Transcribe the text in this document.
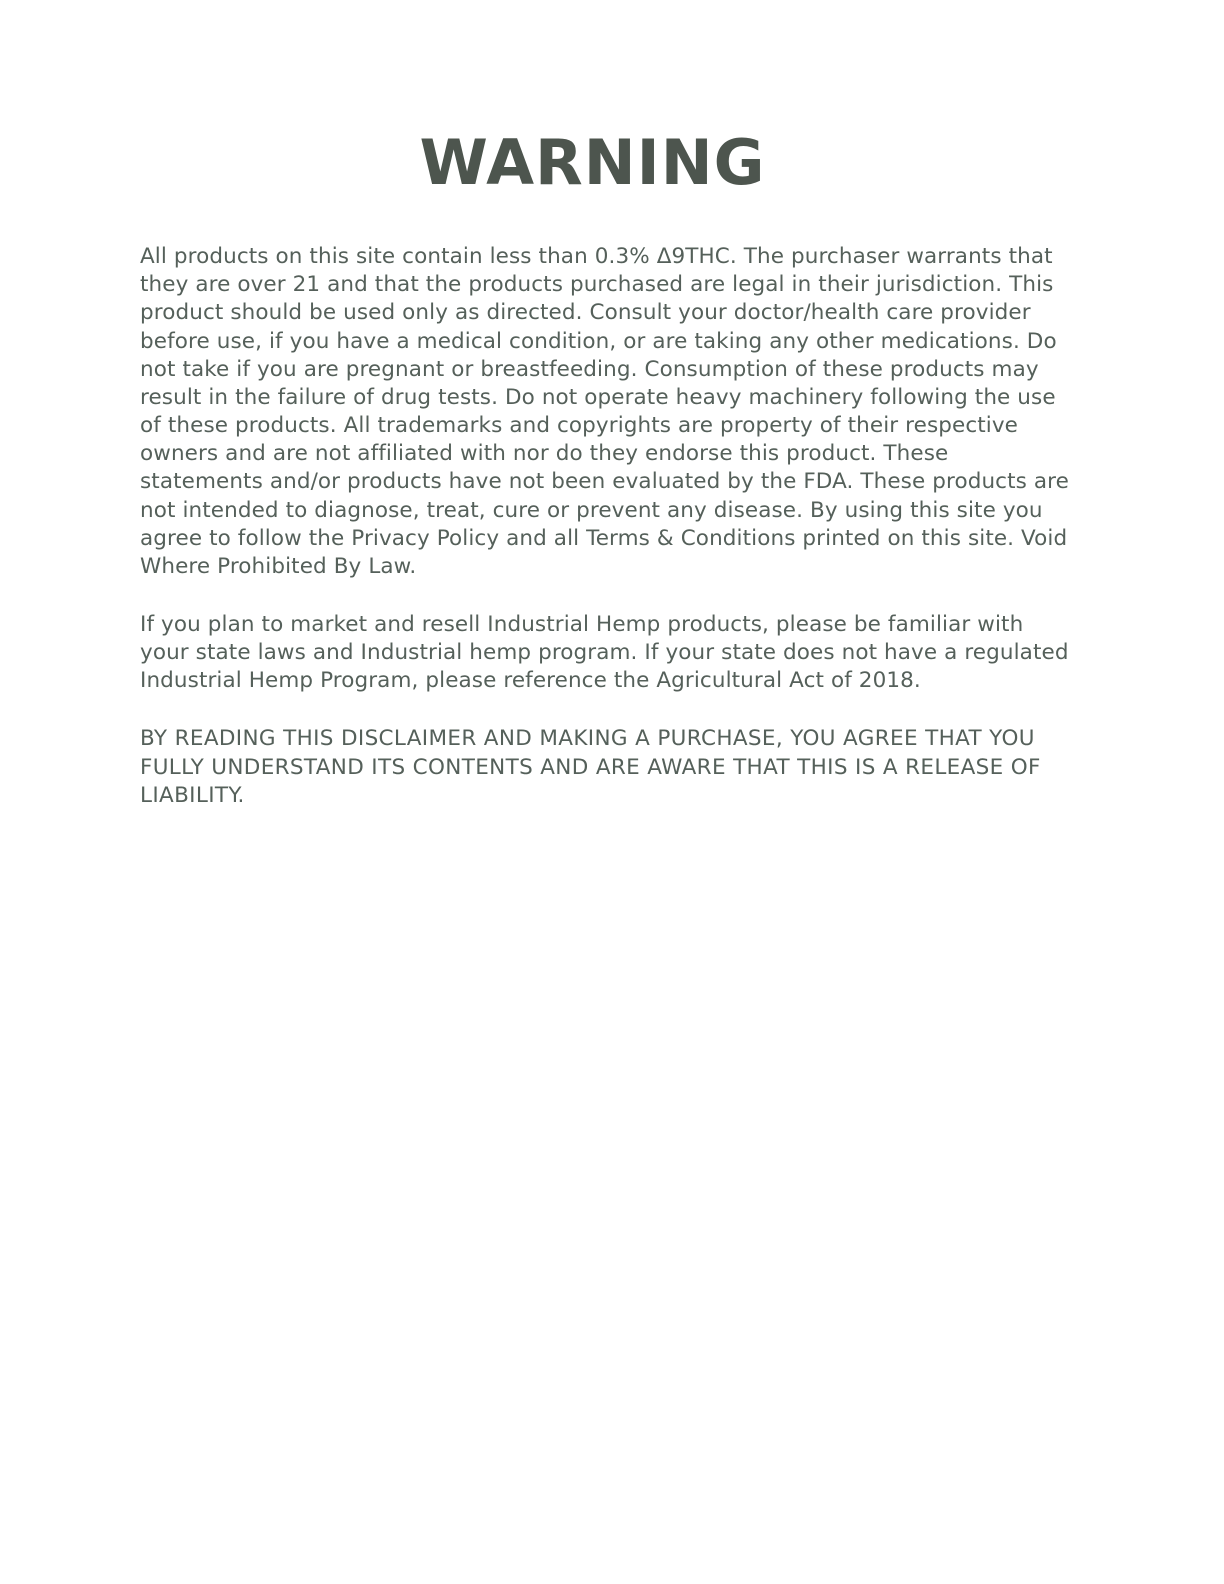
WARNING

All products on this site contain less than 0.3% Δ9THC. The purchaser warrants that they are over 21 and that the products purchased are legal in their jurisdiction. This product should be used only as directed. Consult your doctor/health care provider before use, if you have a medical condition, or are taking any other medications. Do not take if you are pregnant or breastfeeding. Consumption of these products may result in the failure of drug tests. Do not operate heavy machinery following the use of these products. All trademarks and copyrights are property of their respective owners and are not affiliated with nor do they endorse this product. These statements and/or products have not been evaluated by the FDA. These products are not intended to diagnose, treat, cure or prevent any disease. By using this site you agree to follow the Privacy Policy and all Terms & Conditions printed on this site. Void Where Prohibited By Law.

If you plan to market and resell Industrial Hemp products, please be familiar with your state laws and Industrial hemp program. If your state does not have a regulated Industrial Hemp Program, please reference the Agricultural Act of 2018.

BY READING THIS DISCLAIMER AND MAKING A PURCHASE, YOU AGREE THAT YOU FULLY UNDERSTAND ITS CONTENTS AND ARE AWARE THAT THIS IS A RELEASE OF LIABILITY.
